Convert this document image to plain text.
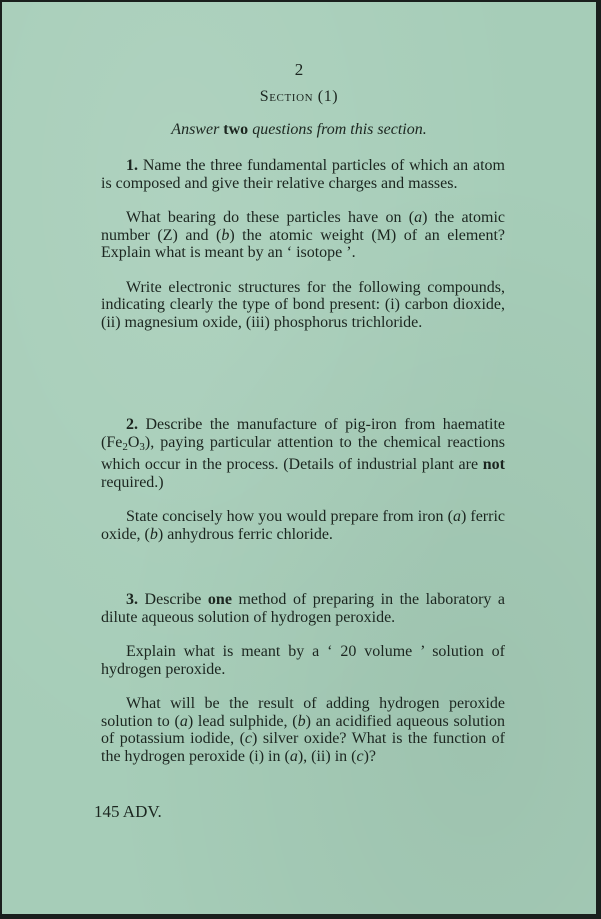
2
Section (1)
Answer two questions from this section.

1. Name the three fundamental particles of which an atom is composed and give their relative charges and masses.

What bearing do these particles have on (a) the atomic number (Z) and (b) the atomic weight (M) of an element? Explain what is meant by an ‘ isotope ’.

Write electronic structures for the following compounds, indicating clearly the type of bond present: (i) carbon dioxide, (ii) magnesium oxide, (iii) phosphorus trichloride.

2. Describe the manufacture of pig-iron from haematite $(Fe_2O_3)$, paying particular attention to the chemical reactions which occur in the process. (Details of industrial plant are not required.)

State concisely how you would prepare from iron (a) ferric oxide, (b) anhydrous ferric chloride.

3. Describe one method of preparing in the laboratory a dilute aqueous solution of hydrogen peroxide.

Explain what is meant by a ‘ 20 volume ’ solution of hydrogen peroxide.

What will be the result of adding hydrogen peroxide solution to (a) lead sulphide, (b) an acidified aqueous solution of potassium iodide, (c) silver oxide? What is the function of the hydrogen peroxide (i) in (a), (ii) in (c)?

145 ADV.
